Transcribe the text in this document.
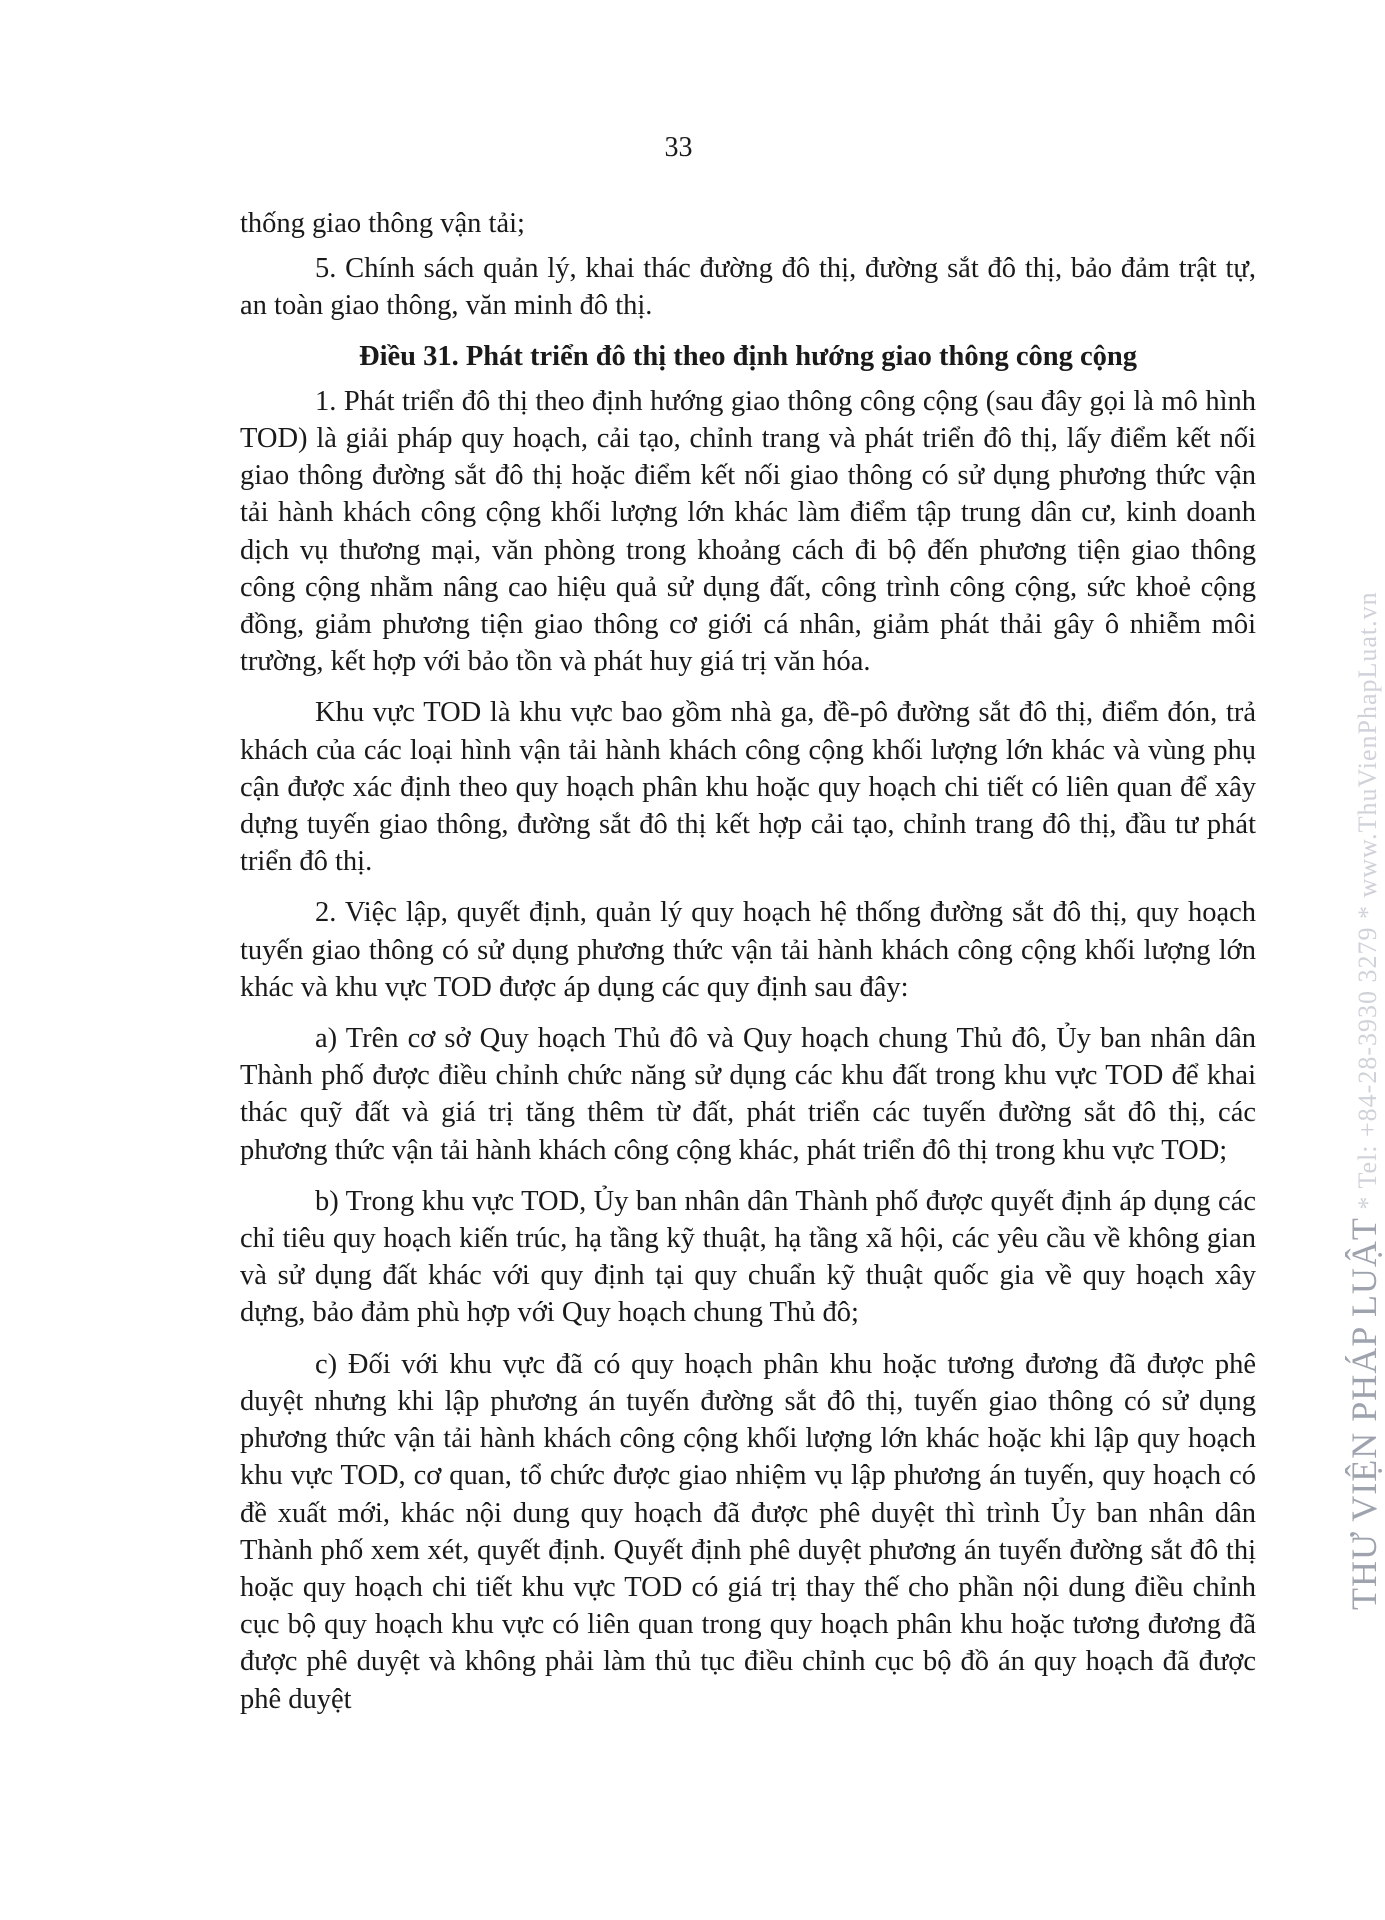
33

thống giao thông vận tải;

5. Chính sách quản lý, khai thác đường đô thị, đường sắt đô thị, bảo đảm trật tự, an toàn giao thông, văn minh đô thị.

Điều 31. Phát triển đô thị theo định hướng giao thông công cộng

1. Phát triển đô thị theo định hướng giao thông công cộng (sau đây gọi là mô hình TOD) là giải pháp quy hoạch, cải tạo, chỉnh trang và phát triển đô thị, lấy điểm kết nối giao thông đường sắt đô thị hoặc điểm kết nối giao thông có sử dụng phương thức vận tải hành khách công cộng khối lượng lớn khác làm điểm tập trung dân cư, kinh doanh dịch vụ thương mại, văn phòng trong khoảng cách đi bộ đến phương tiện giao thông công cộng nhằm nâng cao hiệu quả sử dụng đất, công trình công cộng, sức khoẻ cộng đồng, giảm phương tiện giao thông cơ giới cá nhân, giảm phát thải gây ô nhiễm môi trường, kết hợp với bảo tồn và phát huy giá trị văn hóa.

Khu vực TOD là khu vực bao gồm nhà ga, đề-pô đường sắt đô thị, điểm đón, trả khách của các loại hình vận tải hành khách công cộng khối lượng lớn khác và vùng phụ cận được xác định theo quy hoạch phân khu hoặc quy hoạch chi tiết có liên quan để xây dựng tuyến giao thông, đường sắt đô thị kết hợp cải tạo, chỉnh trang đô thị, đầu tư phát triển đô thị.

2. Việc lập, quyết định, quản lý quy hoạch hệ thống đường sắt đô thị, quy hoạch tuyến giao thông có sử dụng phương thức vận tải hành khách công cộng khối lượng lớn khác và khu vực TOD được áp dụng các quy định sau đây:

a) Trên cơ sở Quy hoạch Thủ đô và Quy hoạch chung Thủ đô, Ủy ban nhân dân Thành phố được điều chỉnh chức năng sử dụng các khu đất trong khu vực TOD để khai thác quỹ đất và giá trị tăng thêm từ đất, phát triển các tuyến đường sắt đô thị, các phương thức vận tải hành khách công cộng khác, phát triển đô thị trong khu vực TOD;

b) Trong khu vực TOD, Ủy ban nhân dân Thành phố được quyết định áp dụng các chỉ tiêu quy hoạch kiến trúc, hạ tầng kỹ thuật, hạ tầng xã hội, các yêu cầu về không gian và sử dụng đất khác với quy định tại quy chuẩn kỹ thuật quốc gia về quy hoạch xây dựng, bảo đảm phù hợp với Quy hoạch chung Thủ đô;

c) Đối với khu vực đã có quy hoạch phân khu hoặc tương đương đã được phê duyệt nhưng khi lập phương án tuyến đường sắt đô thị, tuyến giao thông có sử dụng phương thức vận tải hành khách công cộng khối lượng lớn khác hoặc khi lập quy hoạch khu vực TOD, cơ quan, tổ chức được giao nhiệm vụ lập phương án tuyến, quy hoạch có đề xuất mới, khác nội dung quy hoạch đã được phê duyệt thì trình Ủy ban nhân dân Thành phố xem xét, quyết định. Quyết định phê duyệt phương án tuyến đường sắt đô thị hoặc quy hoạch chi tiết khu vực TOD có giá trị thay thế cho phần nội dung điều chỉnh cục bộ quy hoạch khu vực có liên quan trong quy hoạch phân khu hoặc tương đương đã được phê duyệt và không phải làm thủ tục điều chỉnh cục bộ đồ án quy hoạch đã được phê duyệt

THƯ VIỆN PHÁP LUẬT * Tel: +84-28-3930 3279 * www.ThuVienPhapLuat.vn
